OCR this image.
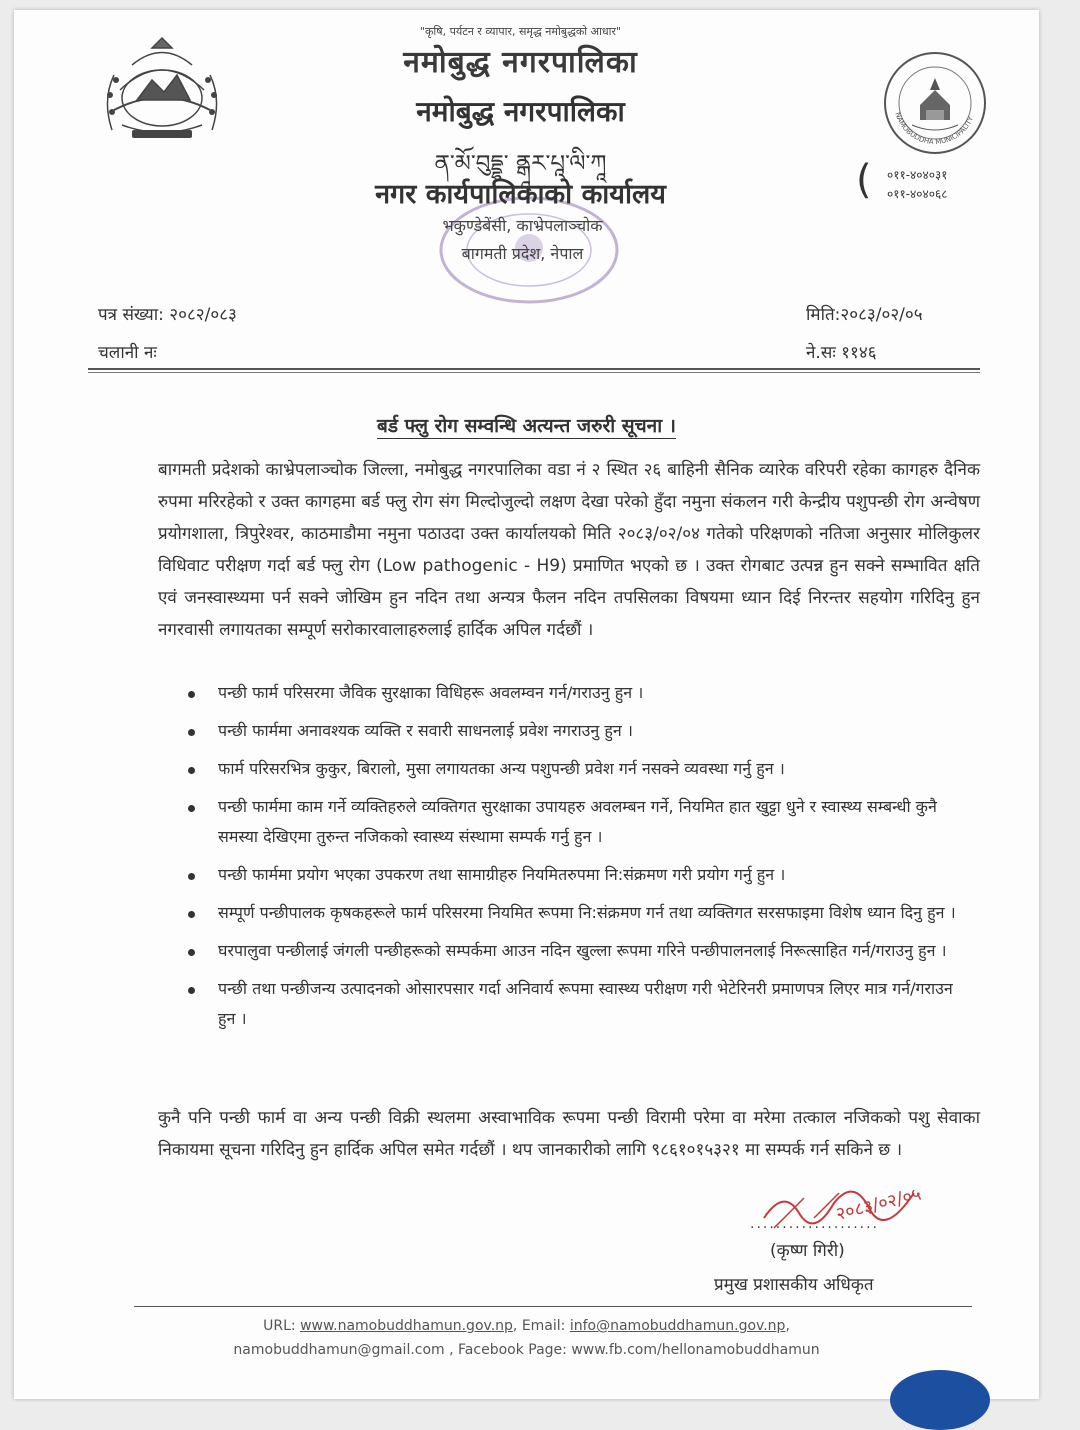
NAMOBUDDHA MUNICIPALITY
"कृषि, पर्यटन र व्यापार, समृद्ध नमोबुद्धको आधार"
नमोबुद्ध नगरपालिका
नमोबुद्ध नगरपालिका
ན་མོ་བུདྡྷ་ ནྒཱར་པཱ་ལི་ཀཱ
नगर कार्यपालिकाको कार्यालय
भकुण्डेबेंसी, काभ्रेपलाञ्चोक
बागमती प्रदेश, नेपाल
( ०११-४०४०३१
०११-४०४०६८
पत्र संख्या: २०८२/०८३
चलानी नः
मिति:२०८३/०२/०५
ने.सः ११४६
बर्ड फ्लु रोग सम्वन्धि अत्यन्त जरुरी सूचना ।

बागमती प्रदेशको काभ्रेपलाञ्चोक जिल्ला, नमोबुद्ध नगरपालिका वडा नं २ स्थित २६ बाहिनी सैनिक व्यारेक वरिपरी रहेका कागहरु दैनिक रुपमा मरिरहेको र उक्त कागहमा बर्ड फ्लु रोग संग मिल्दोजुल्दो लक्षण देखा परेको हुँदा नमुना संकलन गरी केन्द्रीय पशुपन्छी रोग अन्वेषण प्रयोगशाला, त्रिपुरेश्वर, काठमाडौमा नमुना पठाउदा उक्त कार्यालयको मिति २०८३/०२/०४ गतेको परिक्षणको नतिजा अनुसार मोलिकुलर विधिवाट परीक्षण गर्दा बर्ड फ्लु रोग (Low pathogenic - H9) प्रमाणित भएको छ । उक्त रोगबाट उत्पन्न हुन सक्ने सम्भावित क्षति एवं जनस्वास्थ्यमा पर्न सक्ने जोखिम हुन नदिन तथा अन्यत्र फैलन नदिन तपसिलका विषयमा ध्यान दिई निरन्तर सहयोग गरिदिनु हुन नगरवासी लगायतका सम्पूर्ण सरोकारवालाहरुलाई हार्दिक अपिल गर्दछौं ।

पन्छी फार्म परिसरमा जैविक सुरक्षाका विधिहरू अवलम्वन गर्न/गराउनु हुन ।
पन्छी फार्ममा अनावश्यक व्यक्ति र सवारी साधनलाई प्रवेश नगराउनु हुन ।
फार्म परिसरभित्र कुकुर, बिरालो, मुसा लगायतका अन्य पशुपन्छी प्रवेश गर्न नसक्ने व्यवस्था गर्नु हुन ।
पन्छी फार्ममा काम गर्ने व्यक्तिहरुले व्यक्तिगत सुरक्षाका उपायहरु अवलम्बन गर्ने, नियमित हात खुट्टा धुने र स्वास्थ्य सम्बन्धी कुनै समस्या देखिएमा तुरुन्त नजिकको स्वास्थ्य संस्थामा सम्पर्क गर्नु हुन ।
पन्छी फार्ममा प्रयोग भएका उपकरण तथा सामाग्रीहरु नियमितरुपमा नि:संक्रमण गरी प्रयोग गर्नु हुन ।
सम्पूर्ण पन्छीपालक कृषकहरूले फार्म परिसरमा नियमित रूपमा नि:संक्रमण गर्न तथा व्यक्तिगत सरसफाइमा विशेष ध्यान दिनु हुन ।
घरपालुवा पन्छीलाई जंगली पन्छीहरूको सम्पर्कमा आउन नदिन खुल्ला रूपमा गरिने पन्छीपालनलाई निरूत्साहित गर्न/गराउनु हुन ।
पन्छी तथा पन्छीजन्य उत्पादनको ओसारपसार गर्दा अनिवार्य रूपमा स्वास्थ्य परीक्षण गरी भेटेरिनरी प्रमाणपत्र लिएर मात्र गर्न/गराउन हुन ।

कुनै पनि पन्छी फार्म वा अन्य पन्छी विक्री स्थलमा अस्वाभाविक रूपमा पन्छी विरामी परेमा वा मरेमा तत्काल नजिकको पशु सेवाका निकायमा सूचना गरिदिनु हुन हार्दिक अपिल समेत गर्दछौं । थप जानकारीको लागि ९८६१०१५३२१ मा सम्पर्क गर्न सकिने छ ।

२०८३/०२/०५
....................
(कृष्ण गिरी)
प्रमुख प्रशासकीय अधिकृत
URL: www.namobuddhamun.gov.np, Email: info@namobuddhamun.gov.np,
namobuddhamun@gmail.com , Facebook Page: www.fb.com/hellonamobuddhamun
